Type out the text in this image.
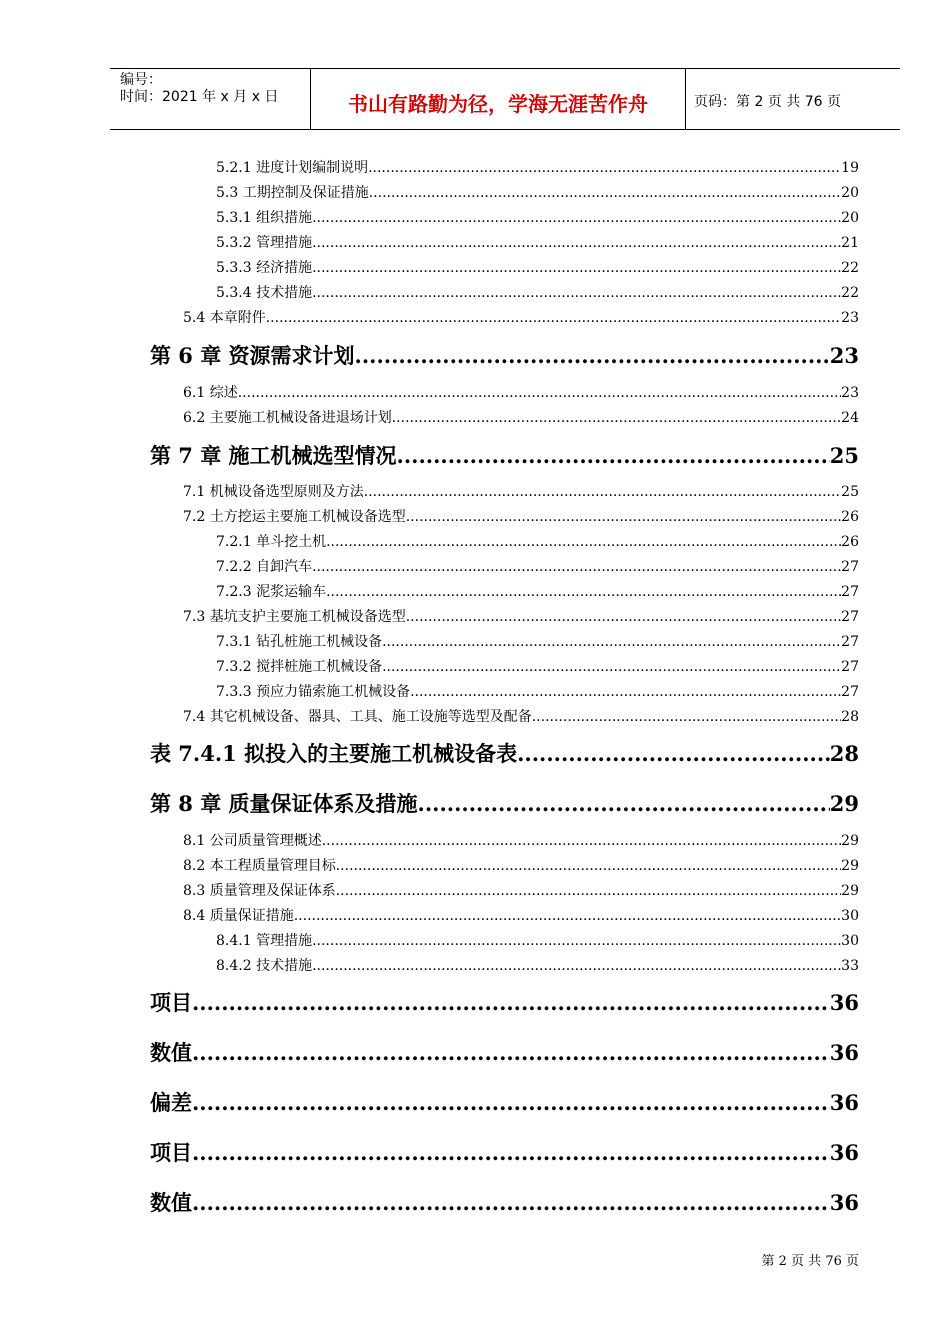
编号：
时间：2021 年 x 月 x 日	书山有路勤为径，学海无涯苦作舟	页码：第 2 页 共 76 页
5.2.1 进度计划编制说明 .....	19
5.3 工期控制及保证措施 .....	20
5.3.1 组织措施 .....	20
5.3.2 管理措施 .....	21
5.3.3 经济措施 .....	22
5.3.4 技术措施 .....	22
5.4 本章附件 .....	23
第 6 章 资源需求计划 .....	23
6.1 综述 .....	23
6.2 主要施工机械设备进退场计划 .....	24
第 7 章 施工机械选型情况 .....	25
7.1 机械设备选型原则及方法 .....	25
7.2 土方挖运主要施工机械设备选型 .....	26
7.2.1 单斗挖土机 .....	26
7.2.2 自卸汽车 .....	27
7.2.3 泥浆运输车 .....	27
7.3 基坑支护主要施工机械设备选型 .....	27
7.3.1 钻孔桩施工机械设备 .....	27
7.3.2 搅拌桩施工机械设备 .....	27
7.3.3 预应力锚索施工机械设备 .....	27
7.4 其它机械设备、器具、工具、施工设施等选型及配备 .....	28
表 7.4.1 拟投入的主要施工机械设备表 .....	28
第 8 章 质量保证体系及措施 .....	29
8.1 公司质量管理概述 .....	29
8.2 本工程质量管理目标 .....	29
8.3 质量管理及保证体系 .....	29
8.4 质量保证措施 .....	30
8.4.1 管理措施 .....	30
8.4.2 技术措施 .....	33
项目 .....	36
数值 .....	36
偏差 .....	36
项目 .....	36
数值 .....	36
第 2 页 共 76 页
